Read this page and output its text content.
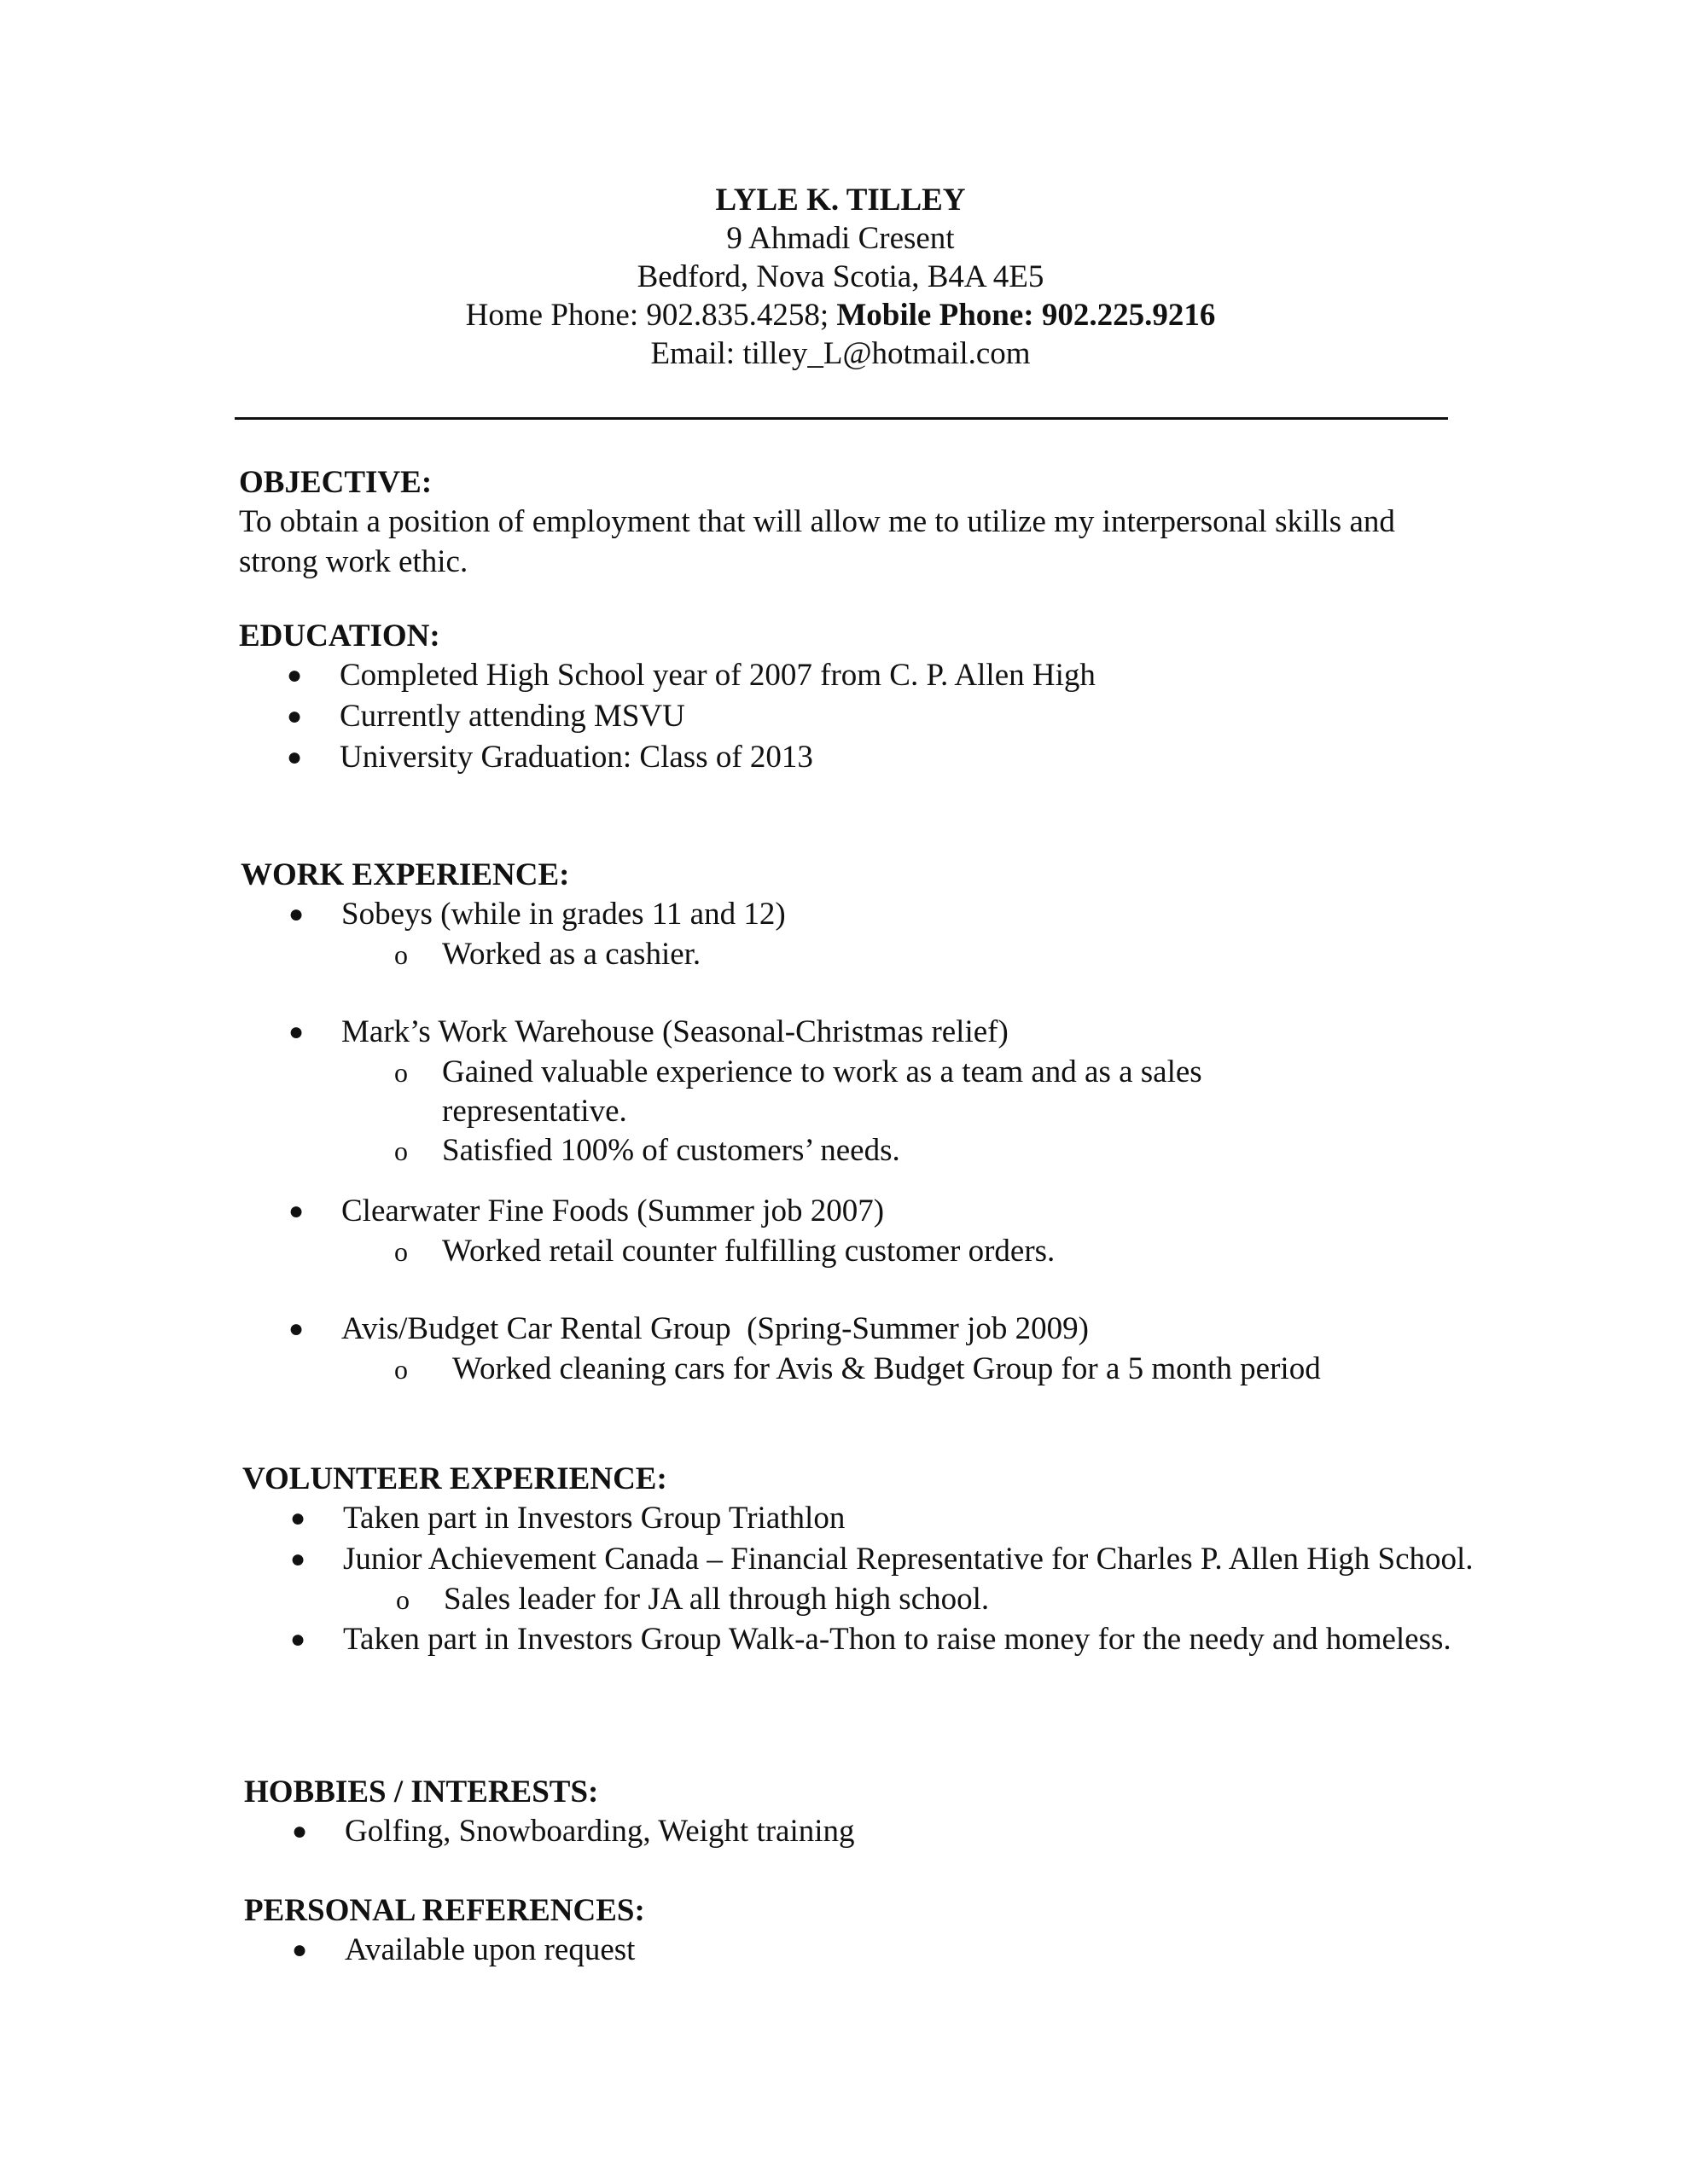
LYLE K. TILLEY

9 Ahmadi Cresent

Bedford, Nova Scotia, B4A 4E5

Home Phone: 902.835.4258; Mobile Phone: 902.225.9216

Email: tilley_L@hotmail.com

OBJECTIVE:

To obtain a position of employment that will allow me to utilize my interpersonal skills and strong work ethic.

EDUCATION:

● Completed High School year of 2007 from C. P. Allen High
● Currently attending MSVU
● University Graduation: Class of 2013

WORK EXPERIENCE:

● Sobeys (while in grades 11 and 12)
o Worked as a cashier.
● Mark’s Work Warehouse (Seasonal-Christmas relief)
o Gained valuable experience to work as a team and as a sales representative.
o Satisfied 100% of customers’ needs.
● Clearwater Fine Foods (Summer job 2007)
o Worked retail counter fulfilling customer orders.
● Avis/Budget Car Rental Group  (Spring-Summer job 2009)
o Worked cleaning cars for Avis & Budget Group for a 5 month period

VOLUNTEER EXPERIENCE:

● Taken part in Investors Group Triathlon
● Junior Achievement Canada – Financial Representative for Charles P. Allen High School.
o Sales leader for JA all through high school.
● Taken part in Investors Group Walk-a-Thon to raise money for the needy and homeless.

HOBBIES / INTERESTS:

● Golfing, Snowboarding, Weight training

PERSONAL REFERENCES:

● Available upon request
